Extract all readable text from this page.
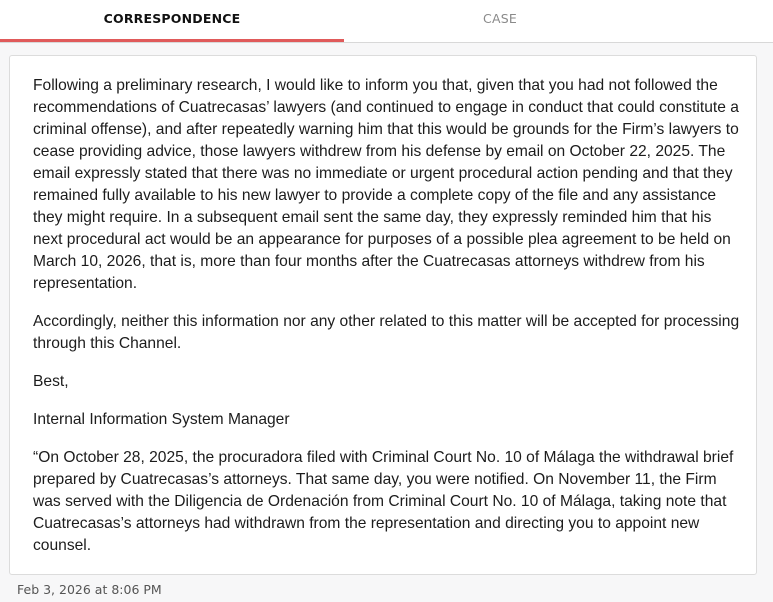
CORRESPONDENCE	CASE

Following a preliminary research, I would like to inform you that, given that you had not followed the recommendations of Cuatrecasas’ lawyers (and continued to engage in conduct that could constitute a criminal offense), and after repeatedly warning him that this would be grounds for the Firm’s lawyers to cease providing advice, those lawyers withdrew from his defense by email on October 22, 2025. The email expressly stated that there was no immediate or urgent procedural action pending and that they remained fully available to his new lawyer to provide a complete copy of the file and any assistance they might require. In a subsequent email sent the same day, they expressly reminded him that his next procedural act would be an appearance for purposes of a possible plea agreement to be held on March 10, 2026, that is, more than four months after the Cuatrecasas attorneys withdrew from his representation.

Accordingly, neither this information nor any other related to this matter will be accepted for processing through this Channel.

Best,

Internal Information System Manager

“On October 28, 2025, the procuradora filed with Criminal Court No. 10 of Málaga the withdrawal brief prepared by Cuatrecasas’s attorneys. That same day, you were notified. On November 11, the Firm was served with the Diligencia de Ordenación from Criminal Court No. 10 of Málaga, taking note that Cuatrecasas’s attorneys had withdrawn from the representation and directing you to appoint new counsel.

Feb 3, 2026 at 8:06 PM
